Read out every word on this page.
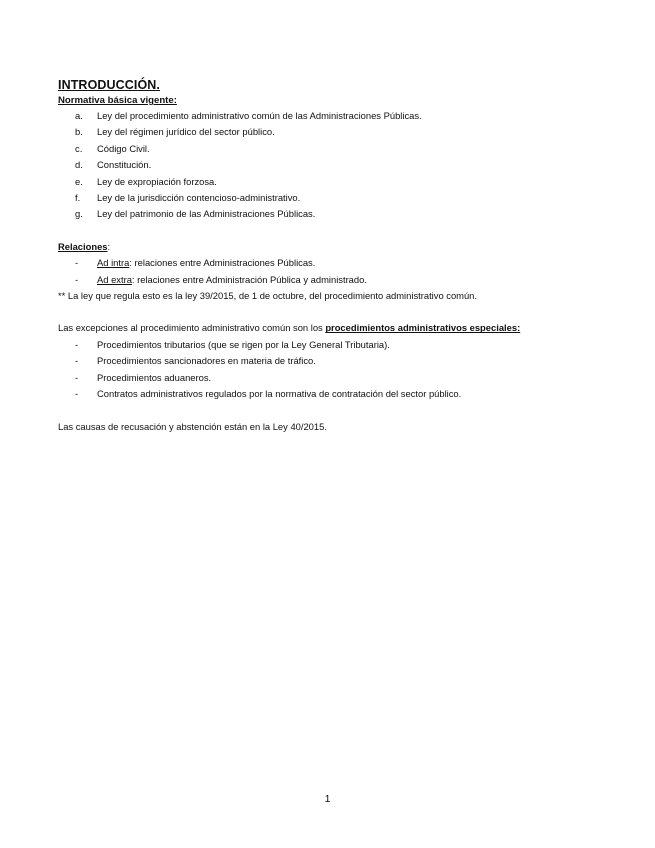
INTRODUCCIÓN.
Normativa básica vigente:
a.	Ley del procedimiento administrativo común de las Administraciones Públicas.
b.	Ley del régimen jurídico del sector público.
c.	Código Civil.
d.	Constitución.
e.	Ley de expropiación forzosa.
f.	Ley de la jurisdicción contencioso-administrativo.
g.	Ley del patrimonio de las Administraciones Públicas.
Relaciones:
-	Ad intra: relaciones entre Administraciones Públicas.
-	Ad extra: relaciones entre Administración Pública y administrado.
** La ley que regula esto es la ley 39/2015, de 1 de octubre, del procedimiento administrativo común.
Las excepciones al procedimiento administrativo común son los procedimientos administrativos especiales:
-	Procedimientos tributarios (que se rigen por la Ley General Tributaria).
-	Procedimientos sancionadores en materia de tráfico.
-	Procedimientos aduaneros.
-	Contratos administrativos regulados por la normativa de contratación del sector público.
Las causas de recusación y abstención están en la Ley 40/2015.
1
